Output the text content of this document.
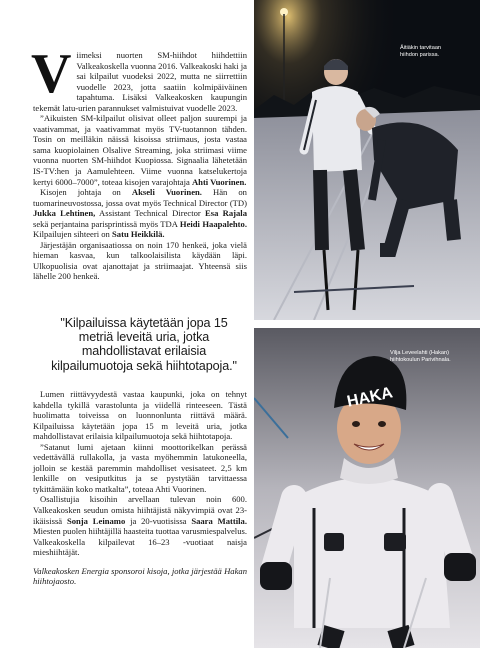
Viimeksi nuorten SM-hiihdot hiihdettiin Valkeakoskella vuonna 2016. Valkeakoski haki ja sai kilpailut vuodeksi 2022, mutta ne siirrettiin vuodelle 2023, jotta saatiin kolmipäiväinen tapahtuma. Lisäksi Valkeakosken kaupungin tekemät latu-urien parannukset valmistuivat vuodelle 2023.

”Aikuisten SM-kilpailut olisivat olleet paljon suurempi ja vaativammat, ja vaativammat myös TV-tuotannon tähden. Tosin on meilläkin näissä kisoissa striimaus, josta vastaa sama kuopiolainen Olsalive Streaming, joka striimasi viime vuonna nuorten SM-hiihdot Kuopiossa. Signaalia lähetetään IS-TV:hen ja Aamulehteen. Viime vuonna katselukertoja kertyi 6000–7000”, toteaa kisojen varajohtaja Ahti Vuorinen.

Kisojen johtaja on Akseli Vuorinen. Hän on tuomarineuvostossa, jossa ovat myös Technical Director (TD) Jukka Lehtinen, Assistant Technical Director Esa Rajala sekä perjantaina parisprintissä myös TDA Heidi Haapalehto. Kilpailujen sihteeri on Satu Heikkilä.

Järjestäjän organisaatiossa on noin 170 henkeä, joka vielä hieman kasvaa, kun talkoolaisilista käydään läpi. Ulkopuolisia ovat ajanottajat ja striimaajat. Yhteensä siis lähelle 200 henkeä.

"Kilpailuissa käytetään jopa 15 metriä leveitä uria, jotka mahdollistavat erilaisia kilpailumuotoja sekä hiihtotapoja."

Lumen riittävyydestä vastaa kaupunki, joka on tehnyt kahdella tykillä varastolunta ja viidellä rinteeseen. Tästä huolimatta toiveissa on luonnonlunta riittävä määrä. Kilpailuissa käytetään jopa 15 m leveitä uria, jotka mahdollistavat erilaisia kilpailumuotoja sekä hiihtotapoja.

”Satanut lumi ajetaan kiinni moottorikelkan perässä vedettävällä rullakolla, ja vasta myöhemmin latukoneella, jolloin se kestää paremmin mahdolliset vesisateet. 2,5 km lenkille on vesiputkitus ja se pystytään tarvittaessa tykittämään koko matkalta”, toteaa Ahti Vuorinen.

Osallistujia kisoihin arvellaan tulevan noin 600. Valkeakosken seudun omista hiihtäjistä näkyvimpiä ovat 23-ikäisissä Sonja Leinamo ja 20-vuotisissa Saara Mattila. Miesten puolen hiihtäjillä haasteita tuottaa varusmiespalvelus. Valkeakoskella kilpailevat 16–23 -vuotiaat naisja mieshiihtäjät.

Valkeakosken Energia sponsoroi kisoja, jotka järjestää Hakan hiihtojaosto.

Äitiäkin tarvitaan hiihdon parissa.
HAKA
Vilja Leveelahti (Hakan) hiihtokoulun Parivihnala.
